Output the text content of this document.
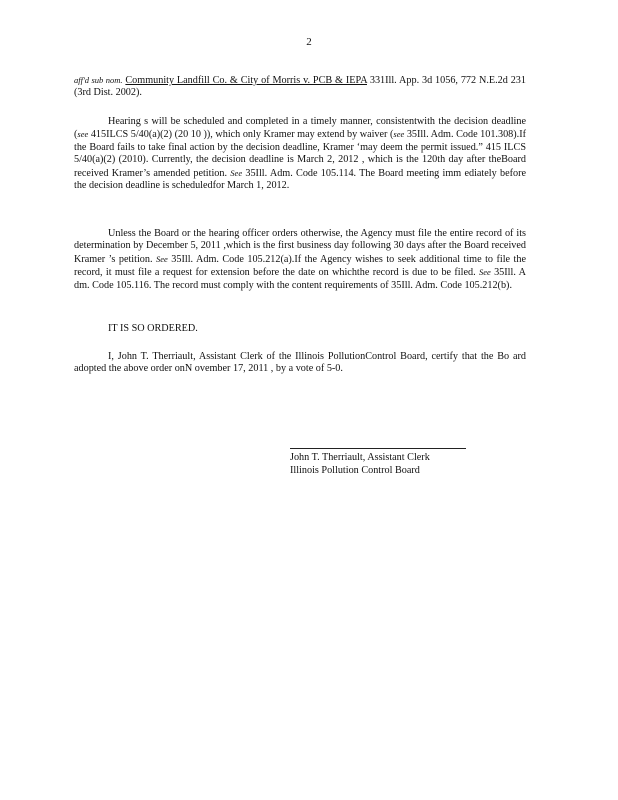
2

aff'd sub nom. Community Landfill Co. & City of Morris v. PCB & IEPA 331Ill. App. 3d 1056, 772 N.E.2d 231 (3rd Dist. 2002).

Hearing s will be scheduled and completed in a timely manner, consistentwith the decision deadline (see 415ILCS 5/40(a)(2) (20 10 )), which only Kramer may extend by waiver (see 35Ill. Adm. Code 101.308).If the Board fails to take final action by the decision deadline, Kramer ‘may deem the permit issued.” 415 ILCS 5/40(a)(2) (2010). Currently, the decision deadline is March 2, 2012 , which is the 120th day after theBoard received Kramer’s amended petition. See 35Ill. Adm. Code 105.114. The Board meeting imm ediately before the decision deadline is scheduledfor March 1, 2012.

Unless the Board or the hearing officer orders otherwise, the Agency must file the entire record of its determination by December 5, 2011 ,which is the first business day following 30 days after the Board received Kramer ’s petition. See 35Ill. Adm. Code 105.212(a).If the Agency wishes to seek additional time to file the record, it must file a request for extension before the date on whichthe record is due to be filed. See 35Ill. A dm. Code 105.116. The record must comply with the content requirements of 35Ill. Adm. Code 105.212(b).

IT IS SO ORDERED.

I, John T. Therriault, Assistant Clerk of the Illinois PollutionControl Board, certify that the Bo ard adopted the above order onN ovember 17, 2011 , by a vote of 5-0.

John T. Therriault, Assistant Clerk
Illinois Pollution Control Board
